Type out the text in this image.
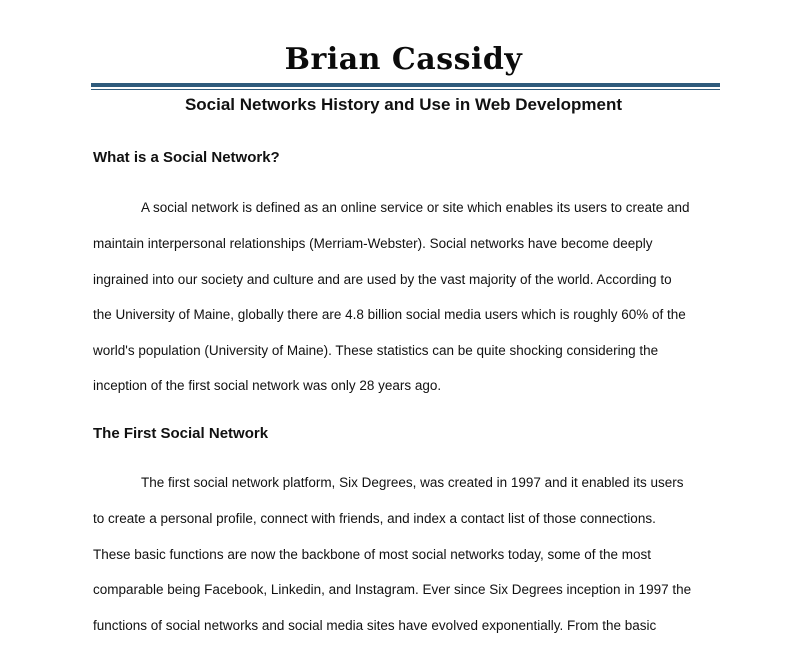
Brian Cassidy
Social Networks History and Use in Web Development
What is a Social Network?
A social network is defined as an online service or site which enables its users to create and
maintain interpersonal relationships (Merriam-Webster). Social networks have become deeply
ingrained into our society and culture and are used by the vast majority of the world. According to
the University of Maine, globally there are 4.8 billion social media users which is roughly 60% of the
world's population (University of Maine). These statistics can be quite shocking considering the
inception of the first social network was only 28 years ago.
The First Social Network
The first social network platform, Six Degrees, was created in 1997 and it enabled its users
to create a personal profile, connect with friends, and index a contact list of those connections.
These basic functions are now the backbone of most social networks today, some of the most
comparable being Facebook, Linkedin, and Instagram. Ever since Six Degrees inception in 1997 the
functions of social networks and social media sites have evolved exponentially. From the basic
